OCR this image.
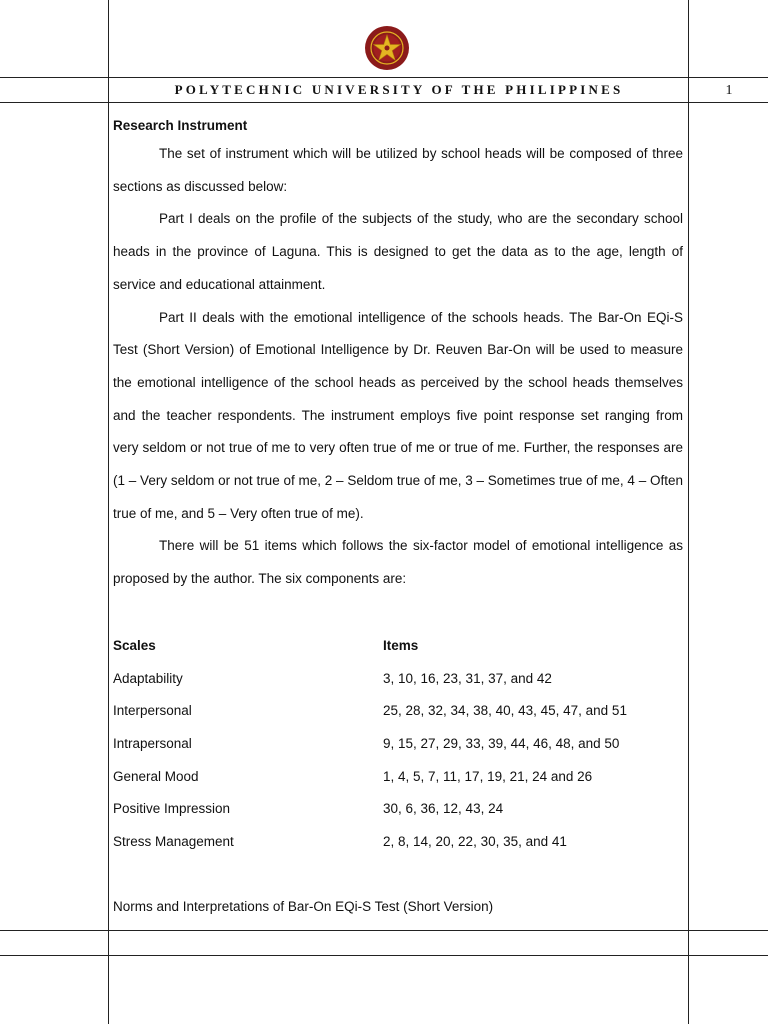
POLYTECHNIC UNIVERSITY OF THE PHILIPPINES	1
Research Instrument

The set of instrument which will be utilized by school heads will be composed of three sections as discussed below:

Part I deals on the profile of the subjects of the study, who are the secondary school heads in the province of Laguna. This is designed to get the data as to the age, length of service and educational attainment.

Part II deals with the emotional intelligence of the schools heads. The Bar-On EQi-S Test (Short Version) of Emotional Intelligence by Dr. Reuven Bar-On will be used to measure the emotional intelligence of the school heads as perceived by the school heads themselves and the teacher respondents. The instrument employs five point response set ranging from very seldom or not true of me to very often true of me or true of me. Further, the responses are (1 – Very seldom or not true of me, 2 – Seldom true of me, 3 – Sometimes true of me, 4 – Often true of me, and 5 – Very often true of me).

There will be 51 items which follows the six-factor model of emotional intelligence as proposed by the author. The six components are:

Scales	Items
Adaptability	3, 10, 16, 23, 31, 37, and 42
Interpersonal	25, 28, 32, 34, 38, 40, 43, 45, 47, and 51
Intrapersonal	9, 15, 27, 29, 33, 39, 44, 46, 48, and 50
General Mood	1, 4, 5, 7, 11, 17, 19, 21, 24 and 26
Positive Impression	30, 6, 36, 12, 43, 24
Stress Management	2, 8, 14, 20, 22, 30, 35, and 41
Norms and Interpretations of Bar-On EQi-S Test (Short Version)
